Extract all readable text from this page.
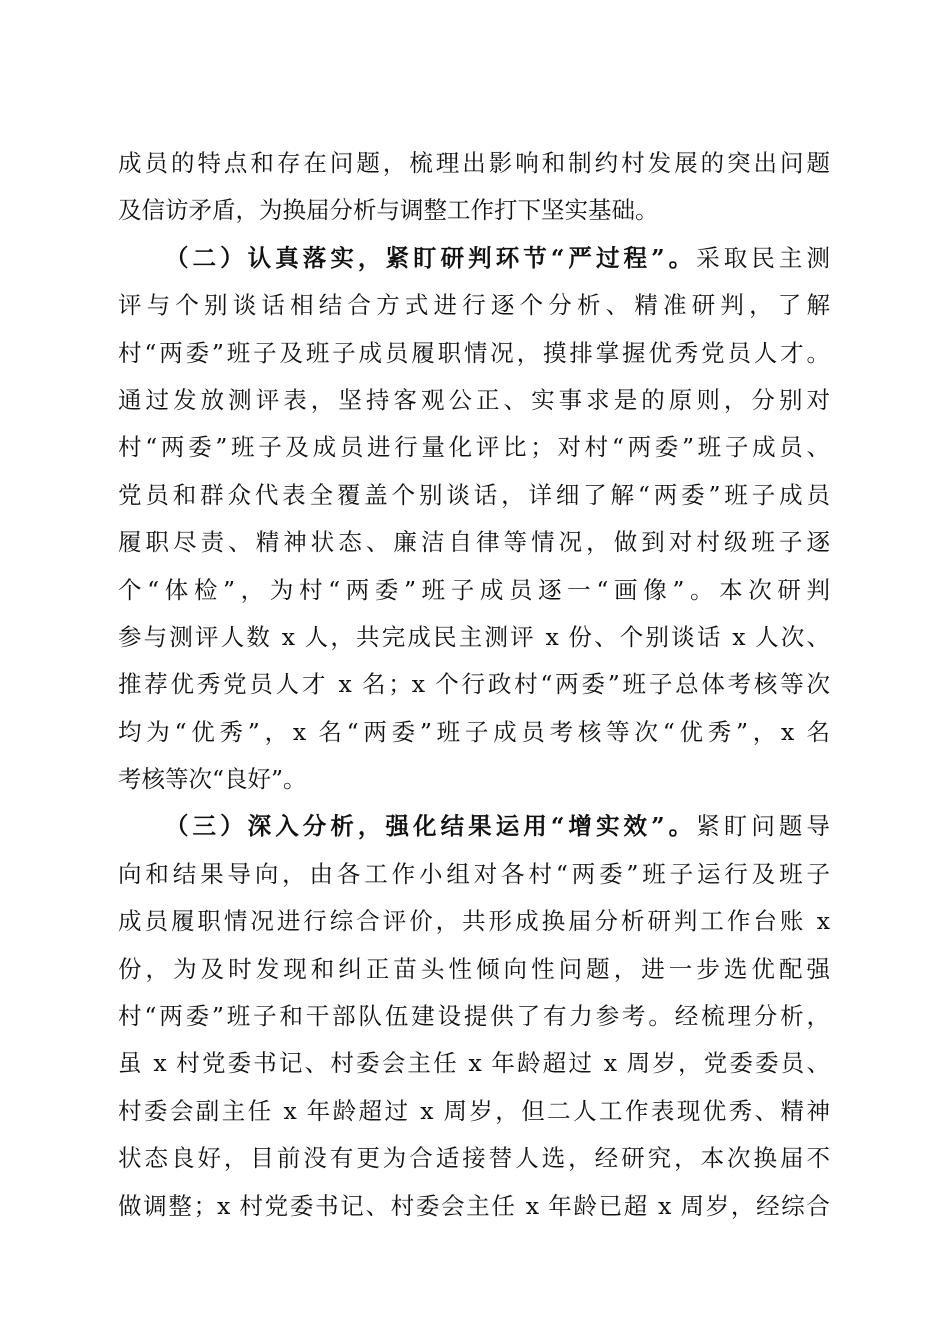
成员的特点和存在问题，梳理出影响和制约村发展的突出问题
及信访矛盾，为换届分析与调整工作打下坚实基础。
（二）认真落实，紧盯研判环节“严过程”。采取民主测
评与个别谈话相结合方式进行逐个分析、精准研判，了解
村“两委”班子及班子成员履职情况，摸排掌握优秀党员人才。
通过发放测评表，坚持客观公正、实事求是的原则，分别对
村“两委”班子及成员进行量化评比；对村“两委”班子成员、
党员和群众代表全覆盖个别谈话，详细了解“两委”班子成员
履职尽责、精神状态、廉洁自律等情况，做到对村级班子逐
个“体检”，为村“两委”班子成员逐一“画像”。本次研判
参与测评人数 x 人，共完成民主测评 x 份、个别谈话 x 人次、
推荐优秀党员人才 x 名；x 个行政村“两委”班子总体考核等次
均为“优秀”，x 名“两委”班子成员考核等次“优秀”，x 名
考核等次“良好”。
（三）深入分析，强化结果运用“增实效”。紧盯问题导
向和结果导向，由各工作小组对各村“两委”班子运行及班子
成员履职情况进行综合评价，共形成换届分析研判工作台账 x
份，为及时发现和纠正苗头性倾向性问题，进一步选优配强
村“两委”班子和干部队伍建设提供了有力参考。经梳理分析，
虽 x 村党委书记、村委会主任 x 年龄超过 x 周岁，党委委员、
村委会副主任 x 年龄超过 x 周岁，但二人工作表现优秀、精神
状态良好，目前没有更为合适接替人选，经研究，本次换届不
做调整；x 村党委书记、村委会主任 x 年龄已超 x 周岁，经综合
